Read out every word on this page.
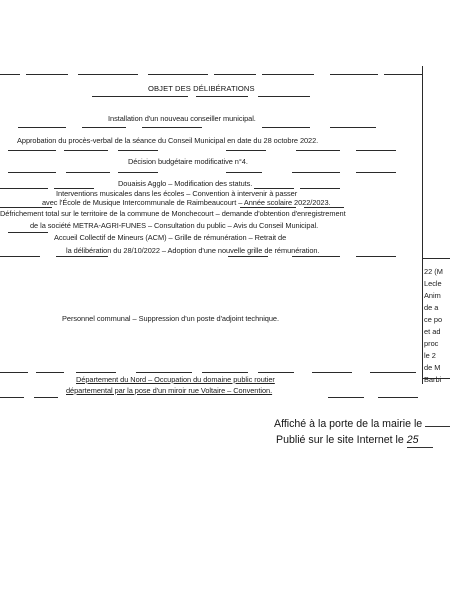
OBJET DES DÉLIBÉRATIONS
Installation d'un nouveau conseiller municipal.
Approbation du procès-verbal de la séance du Conseil Municipal en date du 28 octobre 2022.
Décision budgétaire modificative n°4.
Douaisis Agglo – Modification des statuts.
Interventions musicales dans les écoles – Convention à intervenir à passer
avec l'École de Musique Intercommunale de Raimbeaucourt – Année scolaire 2022/2023.
Défrichement total sur le territoire de la commune de Monchecourt – demande d'obtention d'enregistrement
de la société METRA-AGRI-FUNES – Consultation du public – Avis du Conseil Municipal.
Accueil Collectif de Mineurs (ACM) – Grille de rémunération – Retrait de
la délibération du 28/10/2022 – Adoption d'une nouvelle grille de rémunération.
Personnel communal – Suppression d'un poste d'adjoint technique.
Département du Nord – Occupation du domaine public routier
départemental par la pose d'un miroir rue Voltaire – Convention.
22 (M
Lecle
Anim
de a
ce po
et ad
proc
le 2
de M
Barbi
Affiché à la porte de la mairie le
Publié sur le site Internet le 25
